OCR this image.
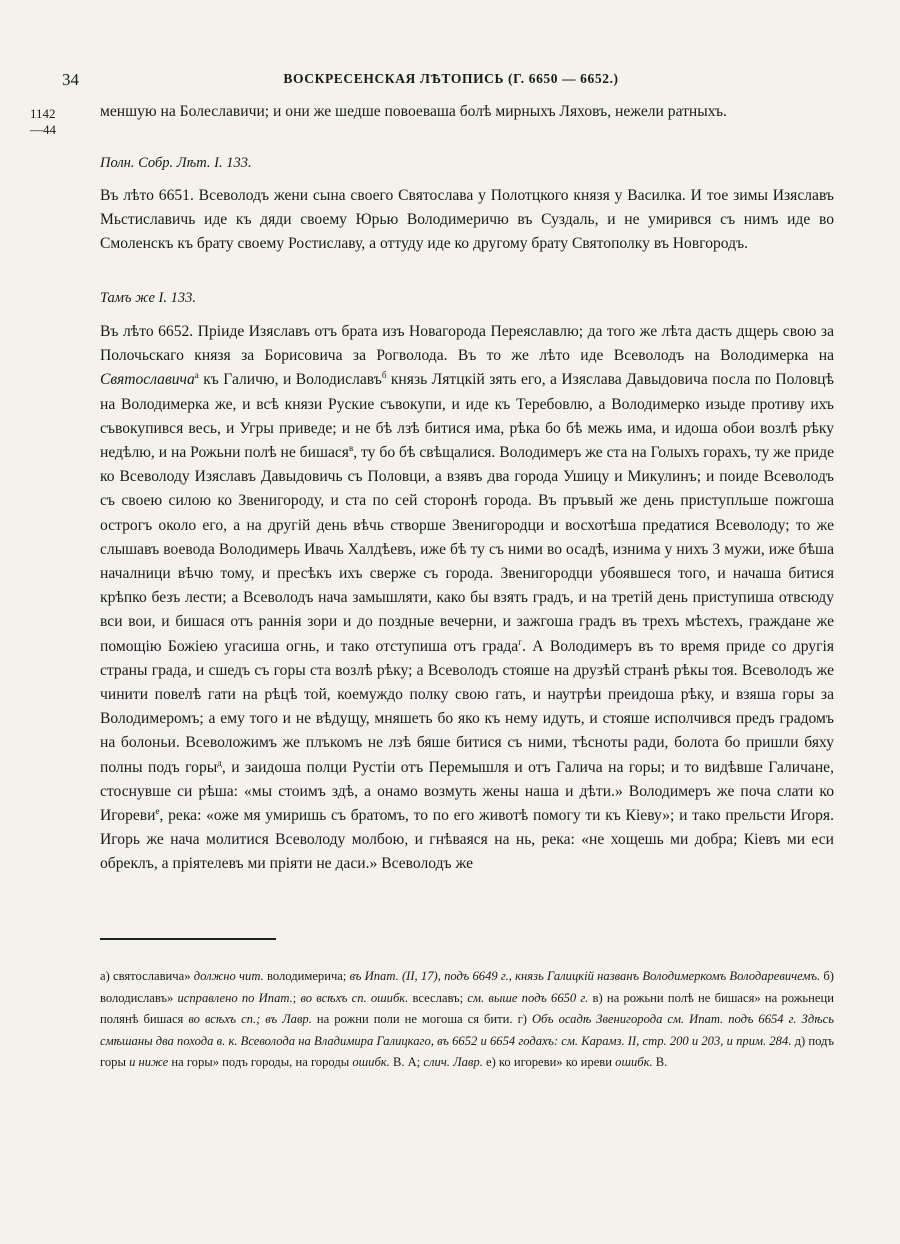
34	ВОСКРЕСЕНСКАЯ ЛѢТОПИСЬ (Г. 6650 — 6652.)
1142
—44

меншую на Болеславичи; и они же шедше повоеваша болѣ мирныхъ Ляховъ, нежели ратныхъ.

Полн. Собр. Лѣт. I. 133.

Въ лѣто 6651. Всеволодъ жени сына своего Святослава у Полотцкого князя у Василка. И тое зимы Изяславъ Мьстиславичь иде къ дяди своему Юрью Володимеричю въ Суздаль, и не умирився съ нимъ иде во Смоленскъ къ брату своему Ростиславу, а оттуду иде ко другому брату Святополку въ Новгородъ.

Тамъ же I. 133.

Въ лѣто 6652. Пріиде Изяславъ отъ брата изъ Новагорода Переяславлю; да того же лѣта дасть дщерь свою за Полочьскаго князя за Борисовича за Рогволода. Въ то же лѣто иде Всеволодъ на Володимерка на Святославича$^а$ къ Галичю, и Володиславъ$^б$ князь Лятцкій зять его, а Изяслава Давыдовича посла по Половцѣ на Володимерка же, и всѣ князи Руские съвокупи, и иде къ Теребовлю, а Володимерко изыде противу ихъ съвокупився весь, и Угры приведе; и не бѣ лзѣ битися има, рѣка бо бѣ межь има, и идоша обои возлѣ рѣку недѣлю, и на Рожьни полѣ не бишася$^в$, ту бо бѣ свѣщалися. Володимеръ же ста на Голыхъ горахъ, ту же приде ко Всеволоду Изяславъ Давыдовичь съ Половци, а взявъ два города Ушицу и Микулинъ; и поиде Всеволодъ съ своею силою ко Звенигороду, и ста по сей сторонѣ города. Въ пръвый же день приступльше пожгоша острогъ около его, а на другій день вѣчь створше Звенигородци и восхотѣша предатися Всеволоду; то же слышавъ воевода Володимерь Ивачь Халдѣевъ, иже бѣ ту съ ними во осадѣ, изнима у нихъ 3 мужи, иже бѣша началници вѣчю тому, и пресѣкъ ихъ сверже съ города. Звенигородци убоявшеся того, и начаша битися крѣпко безъ лести; а Всеволодъ нача замышляти, како бы взять градъ, и на третій день приступиша отвсюду вси вои, и бишася отъ раннія зори и до поздные вечерни, и зажгоша градъ въ трехъ мѣстехъ, граждане же помощію Божіею угасиша огнь, и тако отступиша отъ града$^г$. А Володимеръ въ то время приде со другія страны града, и сшедъ съ горы ста возлѣ рѣку; а Всеволодъ стояше на друзѣй странѣ рѣкы тоя. Всеволодъ же чинити повелѣ гати на рѣцѣ той, коемуждо полку свою гать, и наутрѣи преидоша рѣку, и взяша горы за Володимеромъ; а ему того и не вѣдущу, мняшеть бо яко къ нему идуть, и стояше исполчився предъ градомъ на болоньи. Всеволожимъ же плъкомъ не лзѣ бяше битися съ ними, тѣсноты ради, болота бо пришли бяху полны подъ горы$^д$, и заидоша полци Рустіи отъ Перемышля и отъ Галича на горы; и то видѣвше Галичане, стоснувше си рѣша: «мы стоимъ здѣ, а онамо возмуть жены наша и дѣти.» Володимеръ же поча слати ко Игореви$^е$, река: «оже мя умиришь съ братомъ, то по его животѣ помогу ти къ Кіеву»; и тако прельсти Игоря. Игорь же нача молитися Всеволоду молбою, и гнѣваяся на нь, река: «не хощешь ми добра; Кіевъ ми еси обреклъ, а пріятелевъ ми пріяти не даси.» Всеволодъ же

а) святославича» должно чит. володимерича; въ Ипат. (II, 17), подъ 6649 г., князь Галицкій названъ Володимеркомъ Володаревичемъ. б) володиславъ» исправлено по Ипат.; во всѣхъ сп. ошибк. всеславъ; см. выше подъ 6650 г. в) на рожьни полѣ не бишася» на рожьнеци полянѣ бишася во всѣхъ сп.; въ Лавр. на рожни поли не могоша ся бити. г) Объ осадѣ Звенигорода см. Ипат. подъ 6654 г. Здѣсь смѣшаны два похода в. к. Всеволода на Владимира Галицкаго, въ 6652 и 6654 годахъ: см. Карамз. II, стр. 200 и 203, и прим. 284. д) подъ горы и ниже на горы» подъ городы, на городы ошибк. В. А; слич. Лавр. е) ко игореви» ко иреви ошибк. В.
